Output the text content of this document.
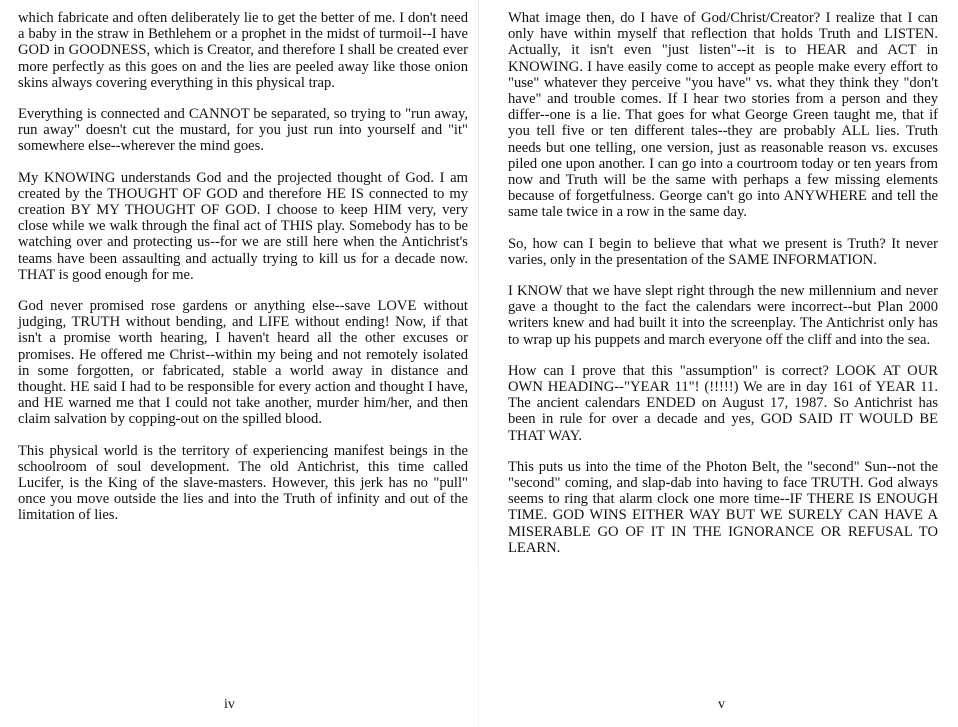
which fabricate and often deliberately lie to get the better of me. I don't need a baby in the straw in Bethlehem or a prophet in the midst of turmoil--I have GOD in GOODNESS, which is Creator, and therefore I shall be created ever more perfectly as this goes on and the lies are peeled away like those onion skins always covering everything in this physical trap.

Everything is connected and CANNOT be separated, so trying to "run away, run away" doesn't cut the mustard, for you just run into yourself and "it" somewhere else--wherever the mind goes.

My KNOWING understands God and the projected thought of God. I am created by the THOUGHT OF GOD and therefore HE IS connected to my creation BY MY THOUGHT OF GOD. I choose to keep HIM very, very close while we walk through the final act of THIS play. Somebody has to be watching over and protecting us--for we are still here when the Antichrist's teams have been assaulting and actually trying to kill us for a decade now. THAT is good enough for me.

God never promised rose gardens or anything else--save LOVE without judging, TRUTH without bending, and LIFE without ending! Now, if that isn't a promise worth hearing, I haven't heard all the other excuses or promises. He offered me Christ--within my being and not remotely isolated in some forgotten, or fabricated, stable a world away in distance and thought. HE said I had to be responsible for every action and thought I have, and HE warned me that I could not take another, murder him/her, and then claim salvation by copping-out on the spilled blood.

This physical world is the territory of experiencing manifest beings in the schoolroom of soul development. The old Antichrist, this time called Lucifer, is the King of the slave-masters. However, this jerk has no "pull" once you move outside the lies and into the Truth of infinity and out of the limitation of lies.

iv

What image then, do I have of God/Christ/Creator? I realize that I can only have within myself that reflection that holds Truth and LISTEN. Actually, it isn't even "just listen"--it is to HEAR and ACT in KNOWING. I have easily come to accept as people make every effort to "use" whatever they perceive "you have" vs. what they think they "don't have" and trouble comes. If I hear two stories from a person and they differ--one is a lie. That goes for what George Green taught me, that if you tell five or ten different tales--they are probably ALL lies. Truth needs but one telling, one version, just as reasonable reason vs. excuses piled one upon another. I can go into a courtroom today or ten years from now and Truth will be the same with perhaps a few missing elements because of forgetfulness. George can't go into ANYWHERE and tell the same tale twice in a row in the same day.

So, how can I begin to believe that what we present is Truth? It never varies, only in the presentation of the SAME INFORMATION.

I KNOW that we have slept right through the new millennium and never gave a thought to the fact the calendars were incorrect--but Plan 2000 writers knew and had built it into the screenplay. The Antichrist only has to wrap up his puppets and march everyone off the cliff and into the sea.

How can I prove that this "assumption" is correct? LOOK AT OUR OWN HEADING--"YEAR 11"! (!!!!!) We are in day 161 of YEAR 11. The ancient calendars ENDED on August 17, 1987. So Antichrist has been in rule for over a decade and yes, GOD SAID IT WOULD BE THAT WAY.

This puts us into the time of the Photon Belt, the "second" Sun--not the "second" coming, and slap-dab into having to face TRUTH. God always seems to ring that alarm clock one more time--IF THERE IS ENOUGH TIME. GOD WINS EITHER WAY BUT WE SURELY CAN HAVE A MISERABLE GO OF IT IN THE IGNORANCE OR REFUSAL TO LEARN.

v
